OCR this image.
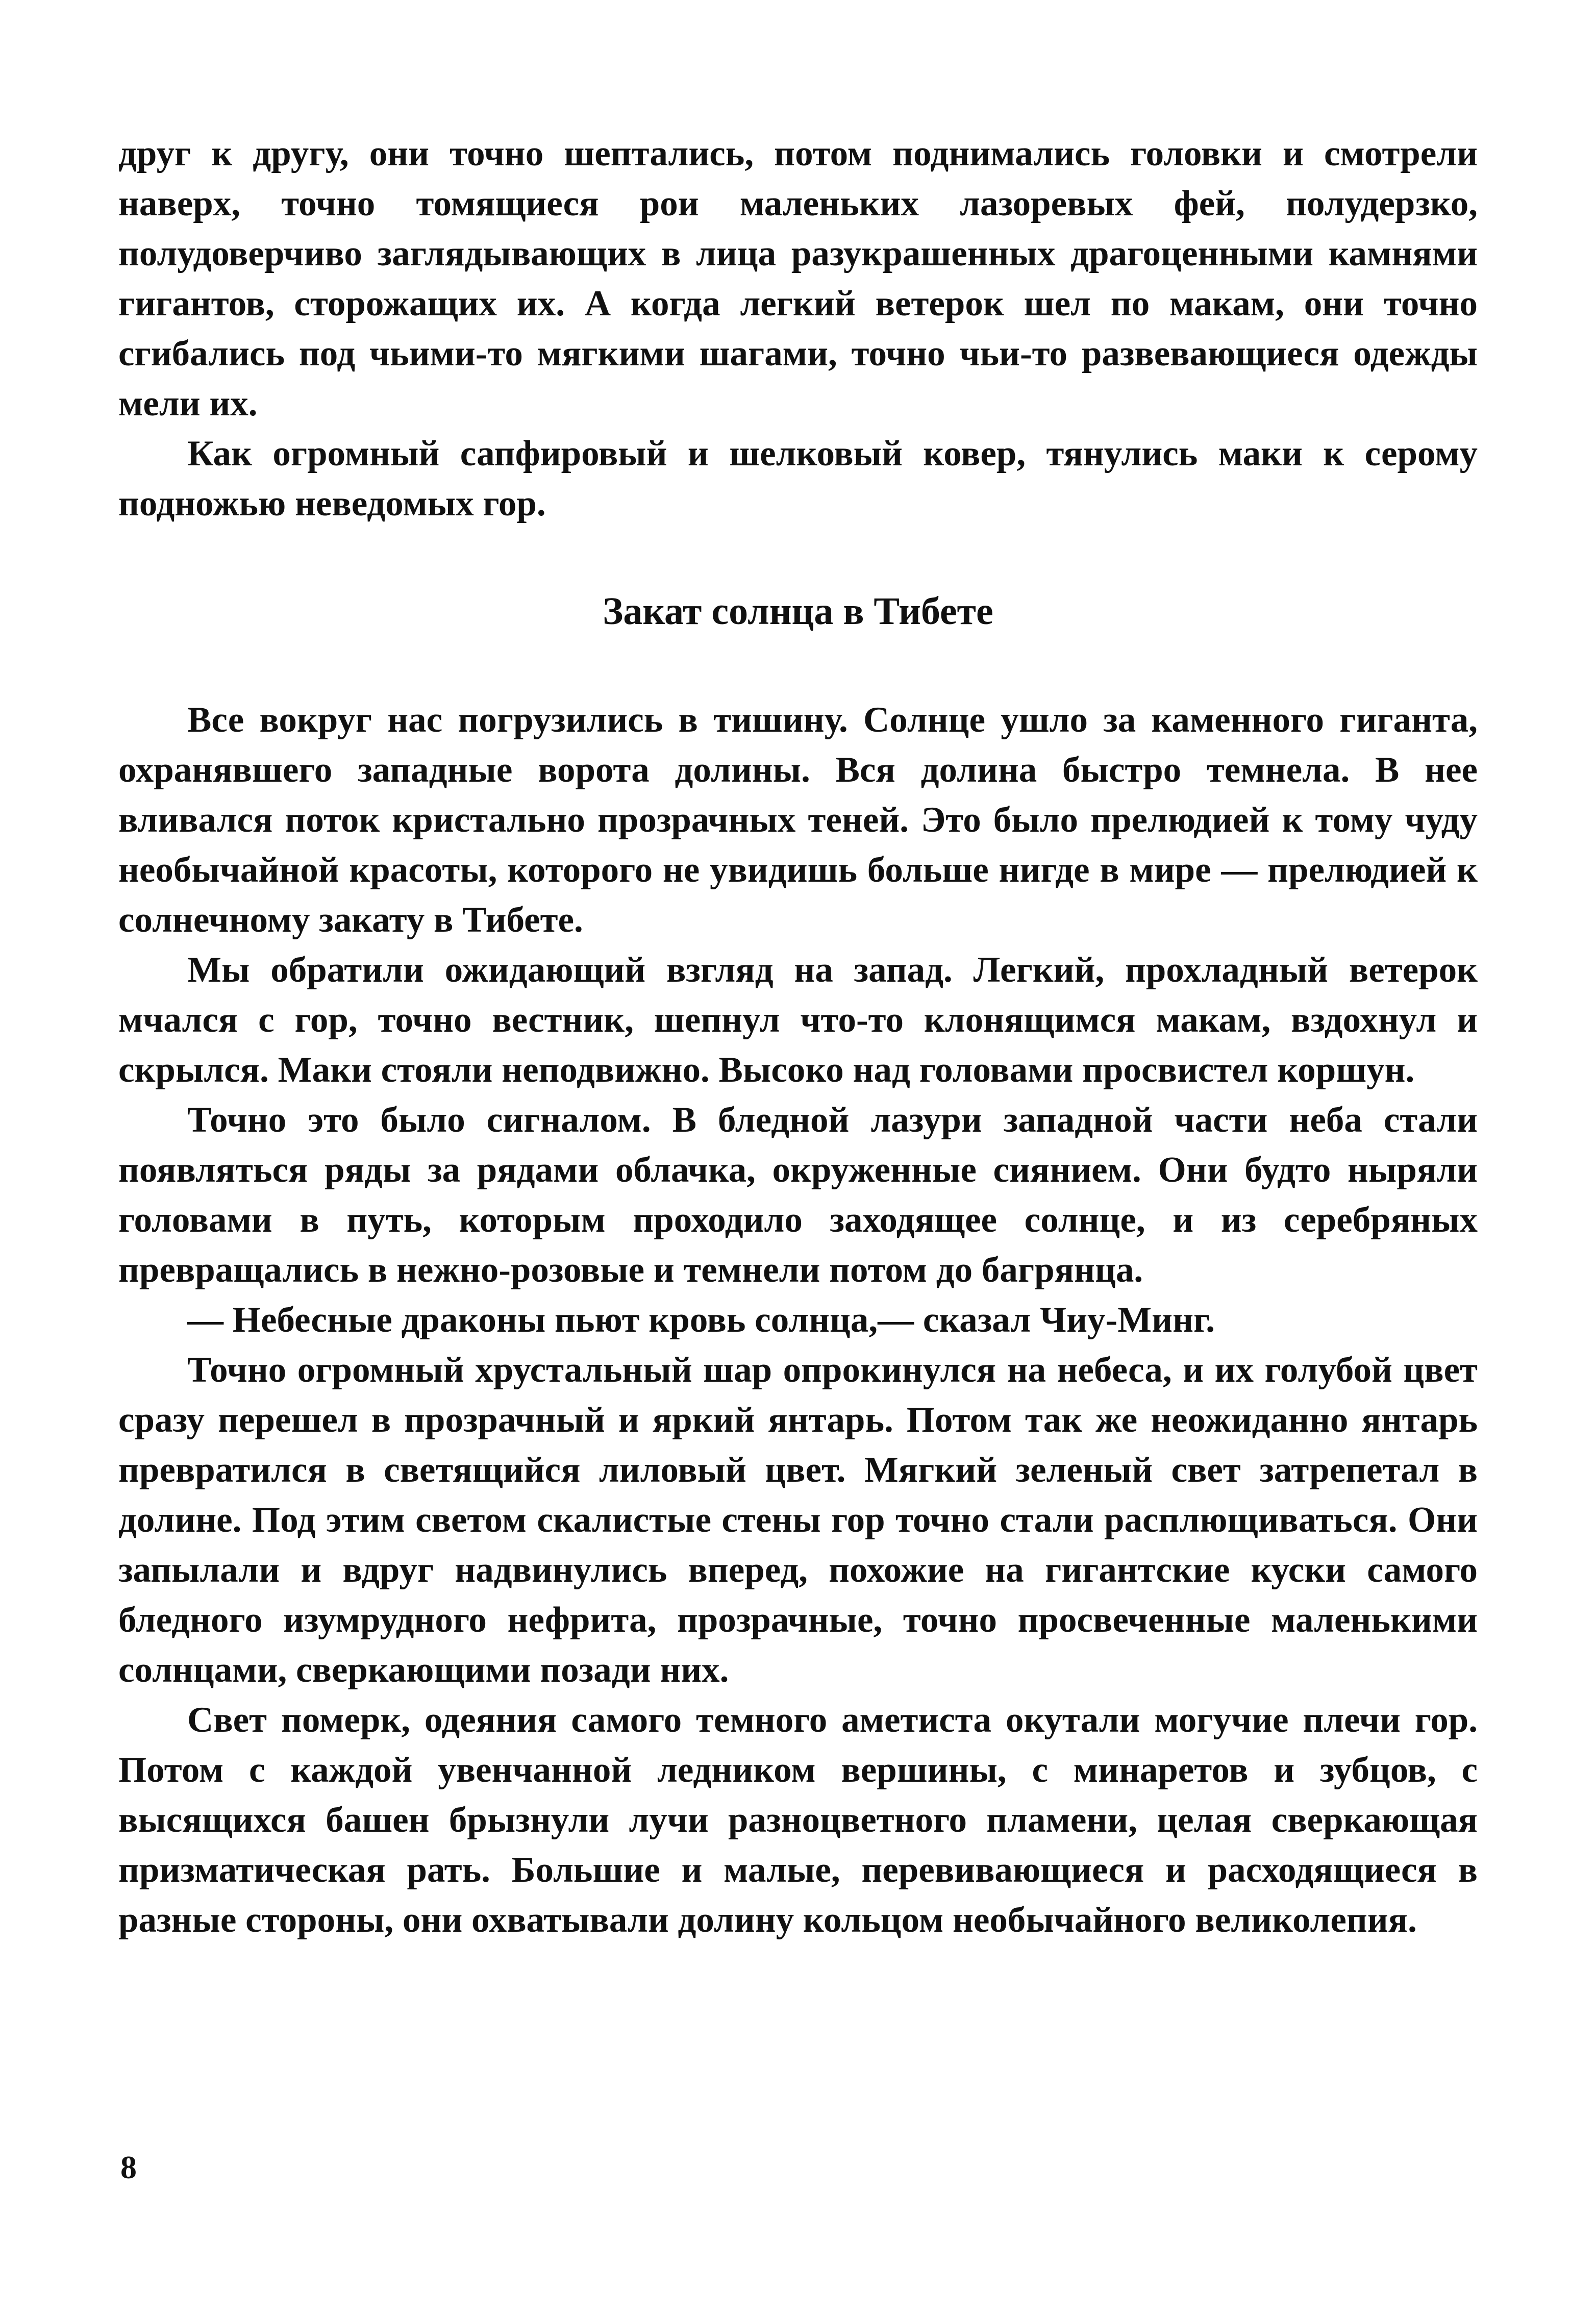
друг к другу, они точно шептались, потом поднимались головки и смотрели наверх, точно томящиеся рои маленьких лазоревых фей, полудерзко, полудоверчиво заглядывающих в лица разукрашенных драгоценными камнями гигантов, сторожащих их. А когда легкий ветерок шел по макам, они точно сгибались под чьими-то мягкими шагами, точно чьи-то развевающиеся одежды мели их.

Как огромный сапфировый и шелковый ковер, тянулись маки к серому подножью неведомых гор.

Закат солнца в Тибете

Все вокруг нас погрузились в тишину. Солнце ушло за каменного гиганта, охранявшего западные ворота долины. Вся долина быстро темнела. В нее вливался поток кристально прозрачных теней. Это было прелюдией к тому чуду необычайной красоты, которого не увидишь больше нигде в мире — прелюдией к солнечному закату в Тибете.

Мы обратили ожидающий взгляд на запад. Легкий, прохладный ветерок мчался с гор, точно вестник, шепнул что-то клонящимся макам, вздохнул и скрылся. Маки стояли неподвижно. Высоко над головами просвистел коршун.

Точно это было сигналом. В бледной лазури западной части неба стали появляться ряды за рядами облачка, окруженные сиянием. Они будто ныряли головами в путь, которым проходило заходящее солнце, и из серебряных превращались в нежно-розовые и темнели потом до багрянца.

— Небесные драконы пьют кровь солнца,— сказал Чиу-Минг.

Точно огромный хрустальный шар опрокинулся на небеса, и их голубой цвет сразу перешел в прозрачный и яркий янтарь. Потом так же неожиданно янтарь превратился в светящийся лиловый цвет. Мягкий зеленый свет затрепетал в долине. Под этим светом скалистые стены гор точно стали расплющиваться. Они запылали и вдруг надвинулись вперед, похожие на гигантские куски самого бледного изумрудного нефрита, прозрачные, точно просвеченные маленькими солнцами, сверкающими позади них.

Свет померк, одеяния самого темного аметиста окутали могучие плечи гор. Потом с каждой увенчанной ледником вершины, с минаретов и зубцов, с высящихся башен брызнули лучи разноцветного пламени, целая сверкающая призматическая рать. Большие и малые, перевивающиеся и расходящиеся в разные стороны, они охватывали долину кольцом необычайного великолепия.

8
